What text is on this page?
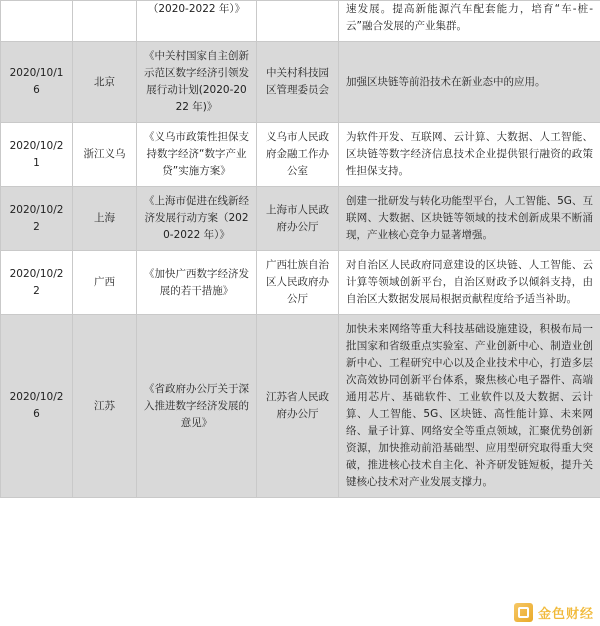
		（2020-2022 年）》		速发展。提高新能源汽车配套能力，培育“车-桩-云”融合发展的产业集群。
2020/10/16	北京	《中关村国家自主创新示范区数字经济引领发展行动计划(2020-2022 年)》	中关村科技园区管理委员会	加强区块链等前沿技术在新业态中的应用。
2020/10/21	浙江义乌	《义乌市政策性担保支持数字经济“数字产业贷”实施方案》	义乌市人民政府金融工作办公室	为软件开发、互联网、云计算、大数据、人工智能、区块链等数字经济信息技术企业提供银行融资的政策性担保支持。
2020/10/22	上海	《上海市促进在线新经济发展行动方案（2020-2022 年）》	上海市人民政府办公厅	创建一批研发与转化功能型平台，人工智能、5G、互联网、大数据、区块链等领域的技术创新成果不断涌现，产业核心竞争力显著增强。
2020/10/22	广西	《加快广西数字经济发展的若干措施》	广西壮族自治区人民政府办公厅	对自治区人民政府同意建设的区块链、人工智能、云计算等领域创新平台，自治区财政予以倾斜支持，由自治区大数据发展局根据贡献程度给予适当补助。
2020/10/26	江苏	《省政府办公厅关于深入推进数字经济发展的意见》	江苏省人民政府办公厅	加快未来网络等重大科技基础设施建设，积极布局一批国家和省级重点实验室、产业创新中心、制造业创新中心、工程研究中心以及企业技术中心，打造多层次高效协同创新平台体系，聚焦核心电子器件、高端通用芯片、基础软件、工业软件以及大数据、云计算、人工智能、5G、区块链、高性能计算、未来网络、量子计算、网络安全等重点领域，汇聚优势创新资源，加快推动前沿基础型、应用型研究取得重大突破，推进核心技术自主化、补齐研发链短板，提升关键核心技术对产业发展支撑力。
金色财经
